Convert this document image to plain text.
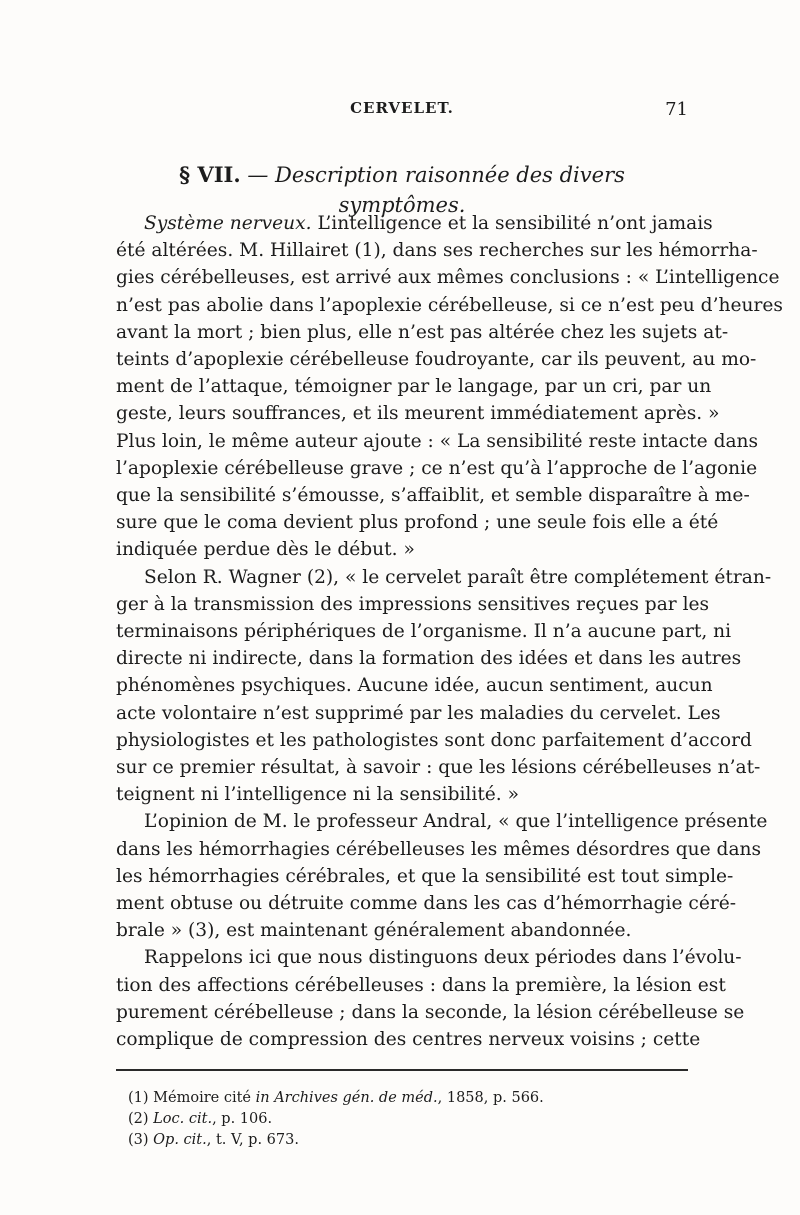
CERVELET.	71
§ VII. — Description raisonnée des divers symptômes.

Système nerveux. L’intelligence et la sensibilité n’ont jamais
été altérées. M. Hillairet (1), dans ses recherches sur les hémorrha-
gies cérébelleuses, est arrivé aux mêmes conclusions : « L’intelligence
n’est pas abolie dans l’apoplexie cérébelleuse, si ce n’est peu d’heures
avant la mort ; bien plus, elle n’est pas altérée chez les sujets at-
teints d’apoplexie cérébelleuse foudroyante, car ils peuvent, au mo-
ment de l’attaque, témoigner par le langage, par un cri, par un
geste, leurs souffrances, et ils meurent immédiatement après. »
Plus loin, le même auteur ajoute : « La sensibilité reste intacte dans
l’apoplexie cérébelleuse grave ; ce n’est qu’à l’approche de l’agonie
que la sensibilité s’émousse, s’affaiblit, et semble disparaître à me-
sure que le coma devient plus profond ; une seule fois elle a été
indiquée perdue dès le début. »

Selon R. Wagner (2), « le cervelet paraît être complétement étran-
ger à la transmission des impressions sensitives reçues par les
terminaisons périphériques de l’organisme. Il n’a aucune part, ni
directe ni indirecte, dans la formation des idées et dans les autres
phénomènes psychiques. Aucune idée, aucun sentiment, aucun
acte volontaire n’est supprimé par les maladies du cervelet. Les
physiologistes et les pathologistes sont donc parfaitement d’accord
sur ce premier résultat, à savoir : que les lésions cérébelleuses n’at-
teignent ni l’intelligence ni la sensibilité. »

L’opinion de M. le professeur Andral, « que l’intelligence présente
dans les hémorrhagies cérébelleuses les mêmes désordres que dans
les hémorrhagies cérébrales, et que la sensibilité est tout simple-
ment obtuse ou détruite comme dans les cas d’hémorrhagie céré-
brale » (3), est maintenant généralement abandonnée.

Rappelons ici que nous distinguons deux périodes dans l’évolu-
tion des affections cérébelleuses : dans la première, la lésion est
purement cérébelleuse ; dans la seconde, la lésion cérébelleuse se
complique de compression des centres nerveux voisins ; cette

(1) Mémoire cité in Archives gén. de méd., 1858, p. 566.
(2) Loc. cit., p. 106.
(3) Op. cit., t. V, p. 673.
